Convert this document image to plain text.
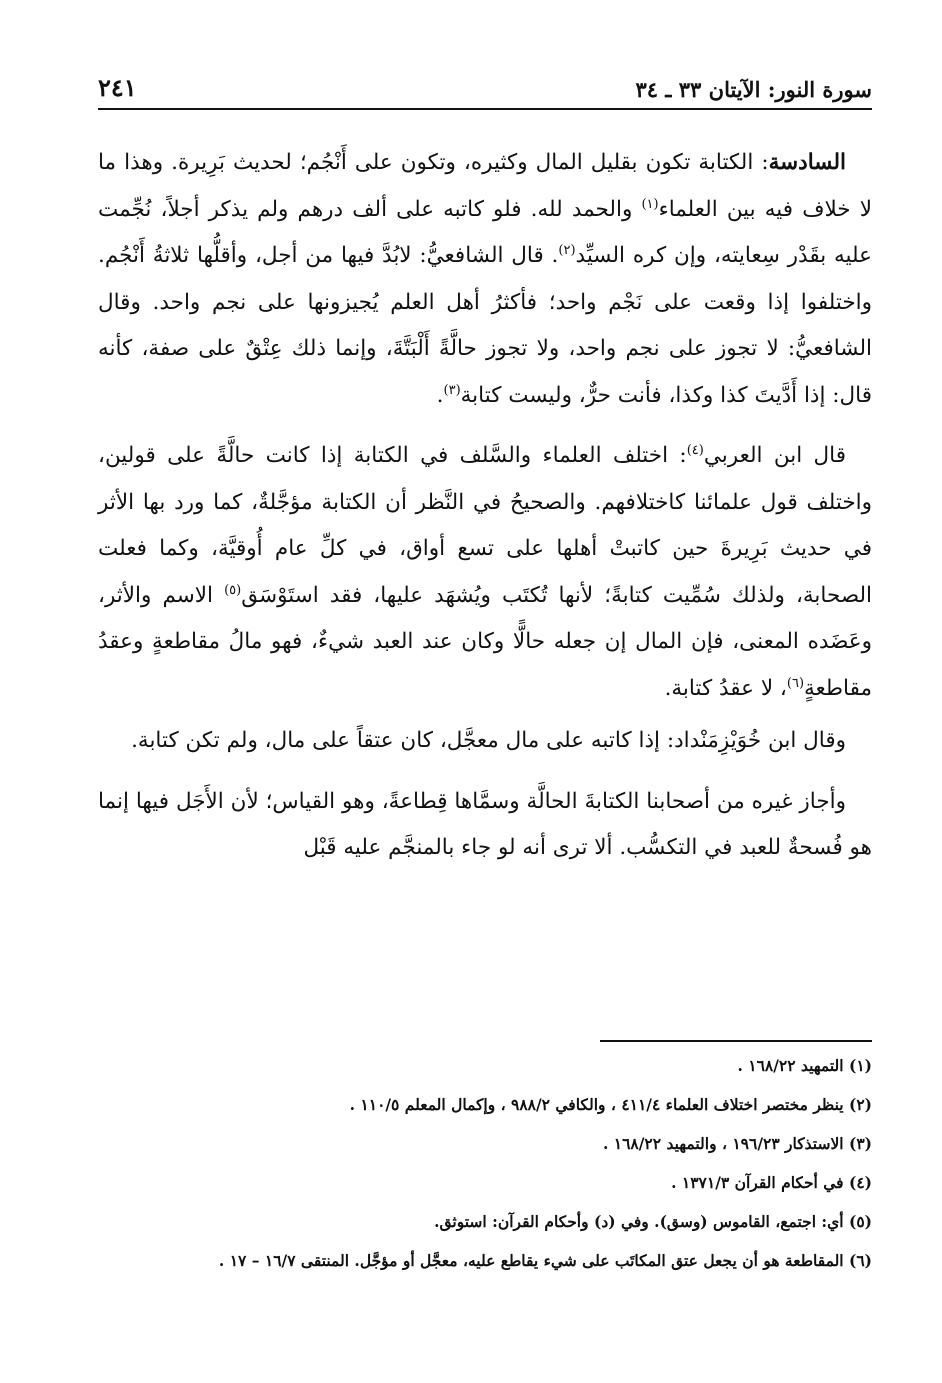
سورة النور: الآيتان ٣٣ ـ ٣٤
٢٤١

السادسة: الكتابة تكون بقليل المال وكثيره، وتكون على أَنْجُم؛ لحديث بَرِيرة. وهذا ما لا خلاف فيه بين العلماء$^{(١)}$ والحمد لله. فلو كاتبه على ألف درهم ولم يذكر أجلاً، نُجِّمت عليه بقَدْر سِعايته، وإن كره السيِّد$^{(٢)}$. قال الشافعيُّ: لابُدَّ فيها من أجل، وأقلُّها ثلاثةُ أَنْجُم. واختلفوا إذا وقعت على نَجْم واحد؛ فأكثرُ أهل العلم يُجيزونها على نجم واحد. وقال الشافعيُّ: لا تجوز على نجم واحد، ولا تجوز حالَّةً أَلْبَتَّةَ، وإنما ذلك عِتْقٌ على صفة، كأنه قال: إذا أَدَّيتَ كذا وكذا، فأنت حرٌّ، وليست كتابة$^{(٣)}$.

قال ابن العربي$^{(٤)}$: اختلف العلماء والسَّلف في الكتابة إذا كانت حالَّةً على قولين، واختلف قول علمائنا كاختلافهم. والصحيحُ في النَّظر أن الكتابة مؤجَّلةٌ، كما ورد بها الأثر في حديث بَرِيرةَ حين كاتبتْ أهلها على تسع أواق، في كلِّ عام أُوقيَّة، وكما فعلت الصحابة، ولذلك سُمِّيت كتابةً؛ لأنها تُكتَب ويُشهَد عليها، فقد استَوْسَق$^{(٥)}$ الاسم والأثر، وعَضَده المعنى، فإن المال إن جعله حالًّا وكان عند العبد شيءٌ، فهو مالُ مقاطعةٍ وعقدُ مقاطعةٍ$^{(٦)}$، لا عقدُ كتابة.

وقال ابن خُوَيْزِمَنْداد: إذا كاتبه على مال معجَّل، كان عتقاً على مال، ولم تكن كتابة.

وأجاز غيره من أصحابنا الكتابةَ الحالَّة وسمَّاها قِطاعةً، وهو القياس؛ لأن الأَجَل فيها إنما هو فُسحةٌ للعبد في التكسُّب. ألا ترى أنه لو جاء بالمنجَّم عليه قَبْل

(١) التمهيد ١٦٨/٢٢ .

(٢) ينظر مختصر اختلاف العلماء ٤١١/٤ ، والكافي ٩٨٨/٢ ، وإكمال المعلم ١١٠/٥ .

(٣) الاستذكار ١٩٦/٢٣ ، والتمهيد ١٦٨/٢٢ .

(٤) في أحكام القرآن ١٣٧١/٣ .

(٥) أي: اجتمع، القاموس (وسق). وفي (د) وأحكام القرآن: استوثق.

(٦) المقاطعة هو أن يجعل عتق المكاتَب على شيء يقاطع عليه، معجَّل أو مؤجَّل. المنتقى ١٦/٧ – ١٧ .
